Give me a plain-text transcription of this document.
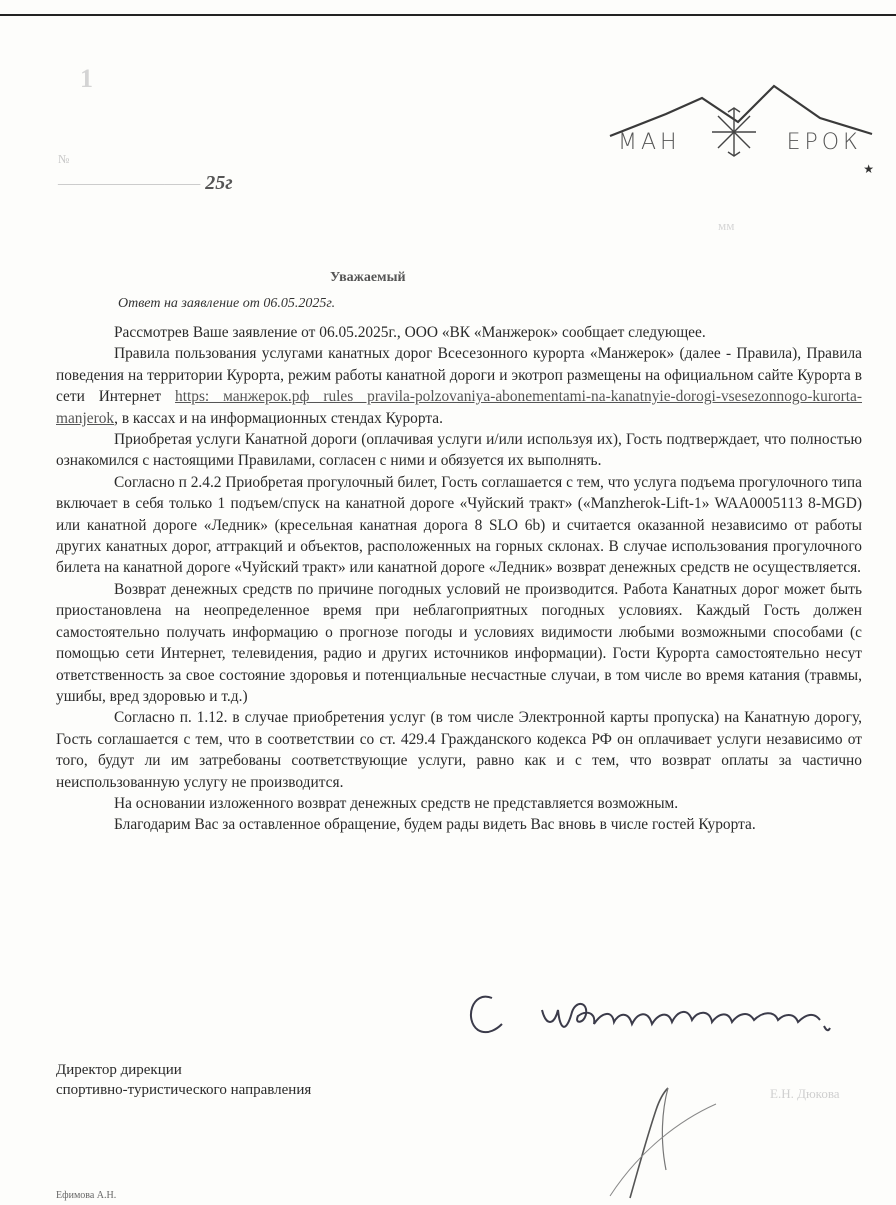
1
№
———————— 25г
мм
МАН	ЕРОК
★
Уважаемый
Ответ на заявление от 06.05.2025г.

Рассмотрев Ваше заявление от 06.05.2025г., ООО «ВК «Манжерок» сообщает следующее.

Правила пользования услугами канатных дорог Всесезонного курорта «Манжерок» (далее - Правила), Правила поведения на территории Курорта, режим работы канатной дороги и экотроп размещены на официальном сайте Курорта в сети Интернет https: манжерок.рф rules pravila-polzovaniya-abonementami-na-kanatnyie-dorogi-vsesezonnogo-kurorta-manjerok, в кассах и на информационных стендах Курорта.

Приобретая услуги Канатной дороги (оплачивая услуги и/или используя их), Гость подтверждает, что полностью ознакомился с настоящими Правилами, согласен с ними и обязуется их выполнять.

Согласно п 2.4.2 Приобретая прогулочный билет, Гость соглашается с тем, что услуга подъема прогулочного типа включает в себя только 1 подъем/спуск на канатной дороге «Чуйский тракт» («Manzherok-Lift-1» WAA0005113 8-MGD) или канатной дороге «Ледник» (кресельная канатная дорога 8 SLO 6b) и считается оказанной независимо от работы других канатных дорог, аттракций и объектов, расположенных на горных склонах. В случае использования прогулочного билета на канатной дороге «Чуйский тракт» или канатной дороге «Ледник» возврат денежных средств не осуществляется.

Возврат денежных средств по причине погодных условий не производится. Работа Канатных дорог может быть приостановлена на неопределенное время при неблагоприятных погодных условиях. Каждый Гость должен самостоятельно получать информацию о прогнозе погоды и условиях видимости любыми возможными способами (с помощью сети Интернет, телевидения, радио и других источников информации). Гости Курорта самостоятельно несут ответственность за свое состояние здоровья и потенциальные несчастные случаи, в том числе во время катания (травмы, ушибы, вред здоровью и т.д.)

Согласно п. 1.12. в случае приобретения услуг (в том числе Электронной карты пропуска) на Канатную дорогу, Гость соглашается с тем, что в соответствии со ст. 429.4 Гражданского кодекса РФ он оплачивает услуги независимо от того, будут ли им затребованы соответствующие услуги, равно как и с тем, что возврат оплаты за частично неиспользованную услугу не производится.

На основании изложенного возврат денежных средств не представляется возможным.

Благодарим Вас за оставленное обращение, будем рады видеть Вас вновь в числе гостей Курорта.

Директор дирекции
спортивно-туристического направления	Е.Н. Дюкова
Ефимова А.Н.
